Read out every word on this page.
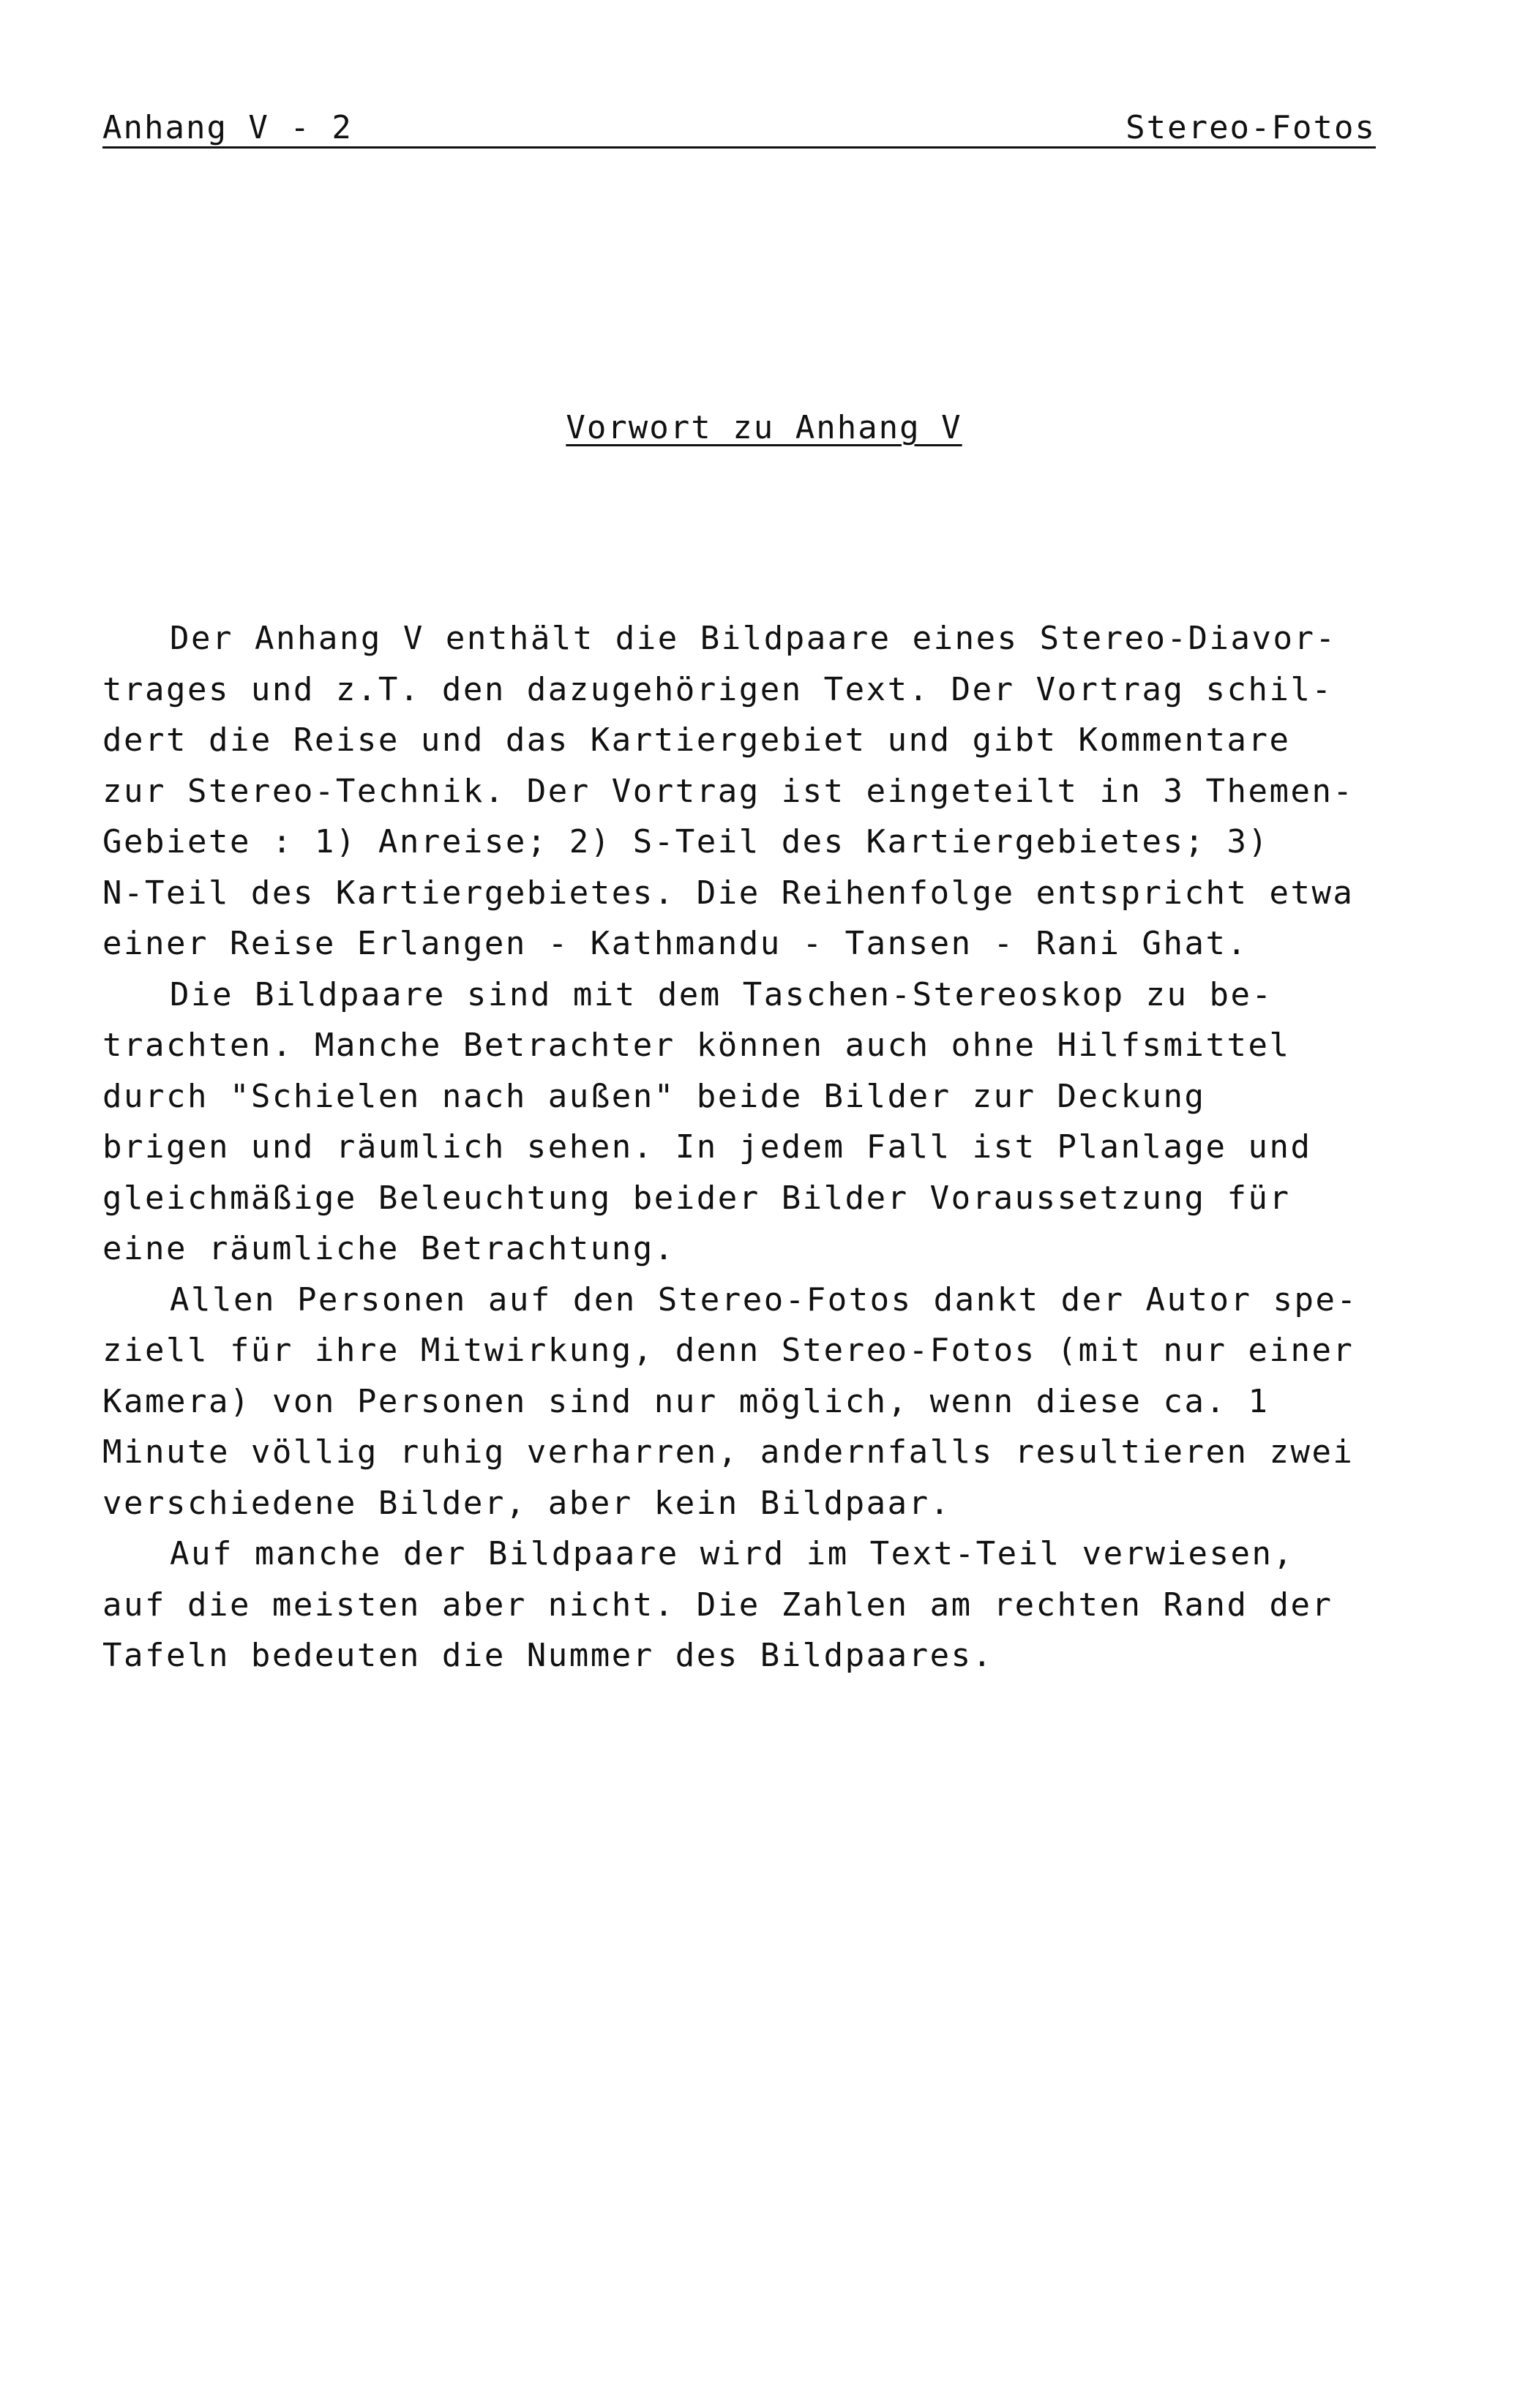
Anhang V - 2	Stereo-Fotos
Vorwort zu Anhang V
Der Anhang V enthält die Bildpaare eines Stereo-Diavor-
trages und z.T. den dazugehörigen Text. Der Vortrag schil-
dert die Reise und das Kartiergebiet und gibt Kommentare
zur Stereo-Technik. Der Vortrag ist eingeteilt in 3 Themen-
Gebiete : 1) Anreise; 2) S-Teil des Kartiergebietes; 3)
N-Teil des Kartiergebietes. Die Reihenfolge entspricht etwa
einer Reise Erlangen - Kathmandu - Tansen - Rani Ghat.
Die Bildpaare sind mit dem Taschen-Stereoskop zu be-
trachten. Manche Betrachter können auch ohne Hilfsmittel
durch "Schielen nach außen" beide Bilder zur Deckung
brigen und räumlich sehen. In jedem Fall ist Planlage und
gleichmäßige Beleuchtung beider Bilder Voraussetzung für
eine räumliche Betrachtung.
Allen Personen auf den Stereo-Fotos dankt der Autor spe-
ziell für ihre Mitwirkung, denn Stereo-Fotos (mit nur einer
Kamera) von Personen sind nur möglich, wenn diese ca. 1
Minute völlig ruhig verharren, andernfalls resultieren zwei
verschiedene Bilder, aber kein Bildpaar.
Auf manche der Bildpaare wird im Text-Teil verwiesen,
auf die meisten aber nicht. Die Zahlen am rechten Rand der
Tafeln bedeuten die Nummer des Bildpaares.
